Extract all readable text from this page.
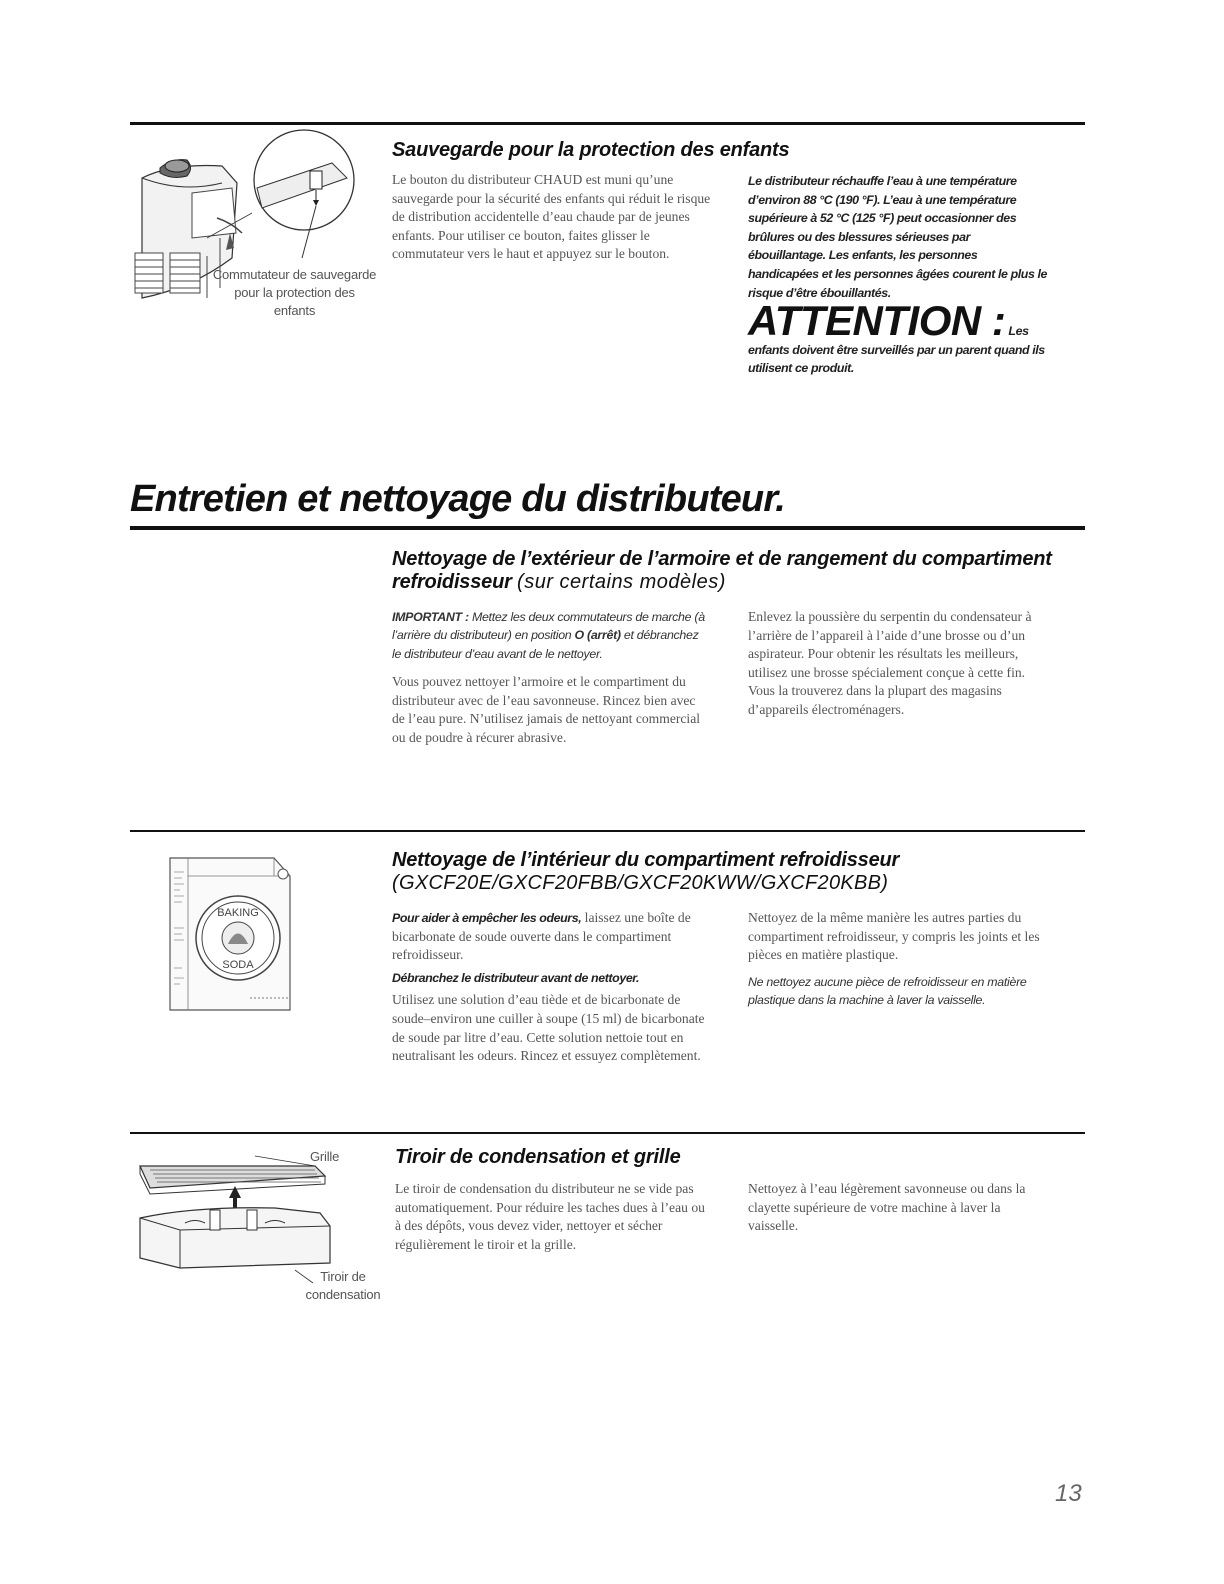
Commutateur de sauvegarde pour la protection des enfants

Sauvegarde pour la protection des enfants

Le bouton du distributeur CHAUD est muni qu’une sauvegarde pour la sécurité des enfants qui réduit le risque de distribution accidentelle d’eau chaude par de jeunes enfants. Pour utiliser ce bouton, faites glisser le commutateur vers le haut et appuyez sur le bouton.

Le distributeur réchauffe l’eau à une température d’environ 88 °C (190 °F). L’eau à une température supérieure à 52 °C (125 °F) peut occasionner des brûlures ou des blessures sérieuses par ébouillantage. Les enfants, les personnes handicapées et les personnes âgées courent le plus le risque d’être ébouillantés.

ATTENTION : Les enfants doivent être surveillés par un parent quand ils utilisent ce produit.
Entretien et nettoyage du distributeur.

Nettoyage de l’extérieur de l’armoire et de rangement du compartiment refroidisseur (sur certains modèles)

IMPORTANT : Mettez les deux commutateurs de marche (à l’arrière du distributeur) en position O (arrêt) et débranchez le distributeur d’eau avant de le nettoyer.

Vous pouvez nettoyer l’armoire et le compartiment du distributeur avec de l’eau savonneuse. Rincez bien avec de l’eau pure. N’utilisez jamais de nettoyant commercial ou de poudre à récurer abrasive.

Enlevez la poussière du serpentin du condensateur à l’arrière de l’appareil à l’aide d’une brosse ou d’un aspirateur. Pour obtenir les résultats les meilleurs, utilisez une brosse spécialement conçue à cette fin. Vous la trouverez dans la plupart des magasins d’appareils électroménagers.

BAKING
SODA

Nettoyage de l’intérieur du compartiment refroidisseur

(GXCF20E/GXCF20FBB/GXCF20KWW/GXCF20KBB)

Pour aider à empêcher les odeurs, laissez une boîte de bicarbonate de soude ouverte dans le compartiment refroidisseur.

Débranchez le distributeur avant de nettoyer.

Utilisez une solution d’eau tiède et de bicarbonate de soude–environ une cuiller à soupe (15 ml) de bicarbonate de soude par litre d’eau. Cette solution nettoie tout en neutralisant les odeurs. Rincez et essuyez complètement.

Nettoyez de la même manière les autres parties du compartiment refroidisseur, y compris les joints et les pièces en matière plastique.

Ne nettoyez aucune pièce de refroidisseur en matière plastique dans la machine à laver la vaisselle.

Grille

Tiroir de condensation

Tiroir de condensation et grille

Le tiroir de condensation du distributeur ne se vide pas automatiquement. Pour réduire les taches dues à l’eau ou à des dépôts, vous devez vider, nettoyer et sécher régulièrement le tiroir et la grille.

Nettoyez à l’eau légèrement savonneuse ou dans la clayette supérieure de votre machine à laver la vaisselle.

13
